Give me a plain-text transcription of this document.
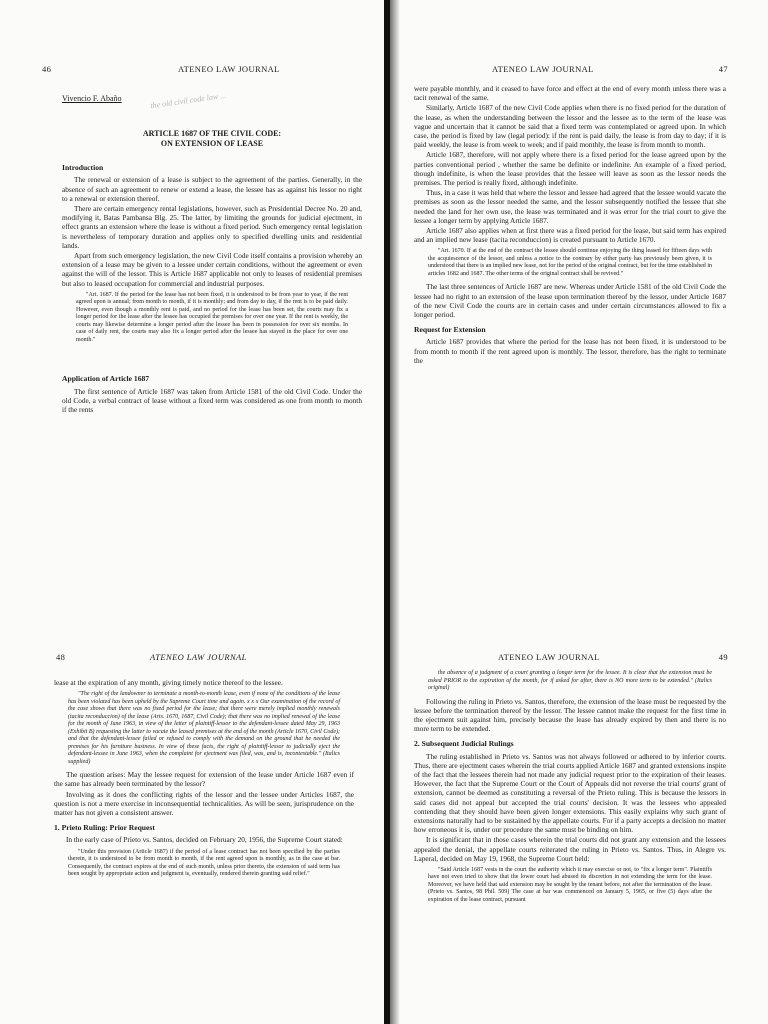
46	ATENEO LAW JOURNAL
Vivencio F. Abaño
ARTICLE 1687 OF THE CIVIL CODE:
ON EXTENSION OF LEASE
Introduction

The renewal or extension of a lease is subject to the agreement of the parties. Generally, in the absence of such an agreement to renew or extend a lease, the lessee has as against his lessor no right to a renewal or extension thereof.

There are certain emergency rental legislations, however, such as Presidential Decree No. 20 and, modifying it, Batas Pambansa Blg. 25. The latter, by limiting the grounds for judicial ejectment, in effect grants an extension where the lease is without a fixed period. Such emergency rental legislation is nevertheless of temporary duration and applies only to specified dwelling units and residential lands.

Apart from such emergency legislation, the new Civil Code itself contains a provision whereby an extension of a lease may be given to a lessee under certain conditions, without the agreement or even against the will of the lessor. This is Article 1687 applicable not only to leases of residential premises but also to leased occupation for commercial and industrial purposes.

"Art. 1687. If the period for the lease has not been fixed, it is understood to be from year to year, if the rent agreed upon is annual; from month to month, if it is monthly; and from day to day, if the rent is to be paid daily. However, even though a monthly rent is paid, and no period for the lease has been set, the courts may fix a longer period for the lease after the lessee has occupied the premises for over one year. If the rent is weekly, the courts may likewise determine a longer period after the lessee has been in possession for over six months. In case of daily rent, the courts may also fix a longer period after the lessee has stayed in the place for over one month."

Application of Article 1687

The first sentence of Article 1687 was taken from Article 1581 of the old Civil Code. Under the old Code, a verbal contract of lease without a fixed term was considered as one from month to month if the rents

the old civil code law ...
ATENEO LAW JOURNAL	47

were payable monthly, and it ceased to have force and effect at the end of every month unless there was a tacit renewal of the same.

Similarly, Article 1687 of the new Civil Code applies when there is no fixed period for the duration of the lease, as when the understanding between the lessor and the lessee as to the term of the lease was vague and uncertain that it cannot be said that a fixed term was contemplated or agreed upon. In which case, the period is fixed by law (legal period): if the rent is paid daily, the lease is from day to day; if it is paid weekly, the lease is from week to week; and if paid monthly, the lease is from month to month.

Article 1687, therefore, will not apply where there is a fixed period for the lease agreed upon by the parties conventional period , whether the same be definite or indefinite. An example of a fixed period, though indefinite, is when the lease provides that the lessee will leave as soon as the lessor needs the premises. The period is really fixed, although indefinite.

Thus, in a case it was held that where the lessor and lessee had agreed that the lessee would vacate the premises as soon as the lessor needed the same, and the lessor subsequently notified the lessee that she needed the land for her own use, the lease was terminated and it was error for the trial court to give the lessee a longer term by applying Article 1687.

Article 1687 also applies when at first there was a fixed period for the lease, but said term has expired and an implied new lease (tacita reconduccion) is created pursuant to Article 1670.

"Art. 1670. If at the end of the contract the lessee should continue enjoying the thing leased for fifteen days with the acquiescence of the lessor, and unless a notice to the contrary by either party has previously been given, it is understood that there is an implied new lease, not for the period of the original contract, but for the time established in articles 1682 and 1687. The other terms of the original contract shall be revived."

The last three sentences of Article 1687 are new. Whereas under Article 1581 of the old Civil Code the lessee had no right to an extension of the lease upon termination thereof by the lessor, under Article 1687 of the new Civil Code the courts are in certain cases and under certain circumstances allowed to fix a longer period.

Request for Extension

Article 1687 provides that where the period for the lease has not been fixed, it is understood to be from month to month if the rent agreed upon is monthly. The lessor, therefore, has the right to terminate the

48	ATENEO LAW JOURNAL

lease at the expiration of any month, giving timely notice thereof to the lessee.

"The right of the landowner to terminate a month-to-month lease, even if none of the conditions of the lease has been violated has been upheld by the Supreme Court time and again. x x x Our examination of the record of the case shows that there was no fixed period for the lease; that there were merely implied monthly renewals (tacita reconduccion) of the lease (Arts. 1670, 1687, Civil Code); that there was no implied renewal of the lease for the month of June 1963, in view of the letter of plaintiff-lessor to the defendant-lessee dated May 29, 1963 (Exhibit B) requesting the latter to vacate the leased premises at the end of the month (Article 1670, Civil Code); and that the defendant-lessee failed or refused to comply with the demand on the ground that he needed the premises for his furniture business. In view of these facts, the right of plaintiff-lessor to judicially eject the defendant-lessee in June 1963, when the complaint for ejectment was filed, was, and is, incontestable." (Italics supplied)

The question arises: May the lessee request for extension of the lease under Article 1687 even if the same has already been terminated by the lessor?

Involving as it does the conflicting rights of the lessor and the lessee under Articles 1687, the question is not a mere exercise in inconsequential technicalities. As will be seen, jurisprudence on the matter has not given a consistent answer.

1. Prieto Ruling: Prior Request

In the early case of Prieto vs. Santos, decided on February 20, 1956, the Supreme Court stated:

"Under this provision (Article 1687) if the period of a lease contract has not been specified by the parties therein, it is understood to be from month to month, if the rent agreed upon is monthly, as in the case at bar. Consequently, the contract expires at the end of such month, unless prior thereto, the extension of said term has been sought by appropriate action and judgment is, eventually, rendered therein granting said relief."

ATENEO LAW JOURNAL	49

the absence of a judgment of a court granting a longer term for the lessee. It is clear that the extension must be asked PRIOR to the expiration of the month, for if asked for after, there is NO more term to be extended." (Italics original)

Following the ruling in Prieto vs. Santos, therefore, the extension of the lease must be requested by the lessee before the termination thereof by the lessor. The lessee cannot make the request for the first time in the ejectment suit against him, precisely because the lease has already expired by then and there is no more term to be extended.

2. Subsequent Judicial Rulings

The ruling established in Prieto vs. Santos was not always followed or adhered to by inferior courts. Thus, there are ejectment cases wherein the trial courts applied Article 1687 and granted extensions inspite of the fact that the lessees therein had not made any judicial request prior to the expiration of their leases. However, the fact that the Supreme Court or the Court of Appeals did not reverse the trial courts' grant of extension, cannot be deemed as constituting a reversal of the Prieto ruling. This is because the lessors in said cases did not appeal but accepted the trial courts' decision. It was the lessees who appealed contending that they should have been given longer extensions. This easily explains why such grant of extensions naturally had to be sustained by the appellate courts. For if a party accepts a decision no matter how erroneous it is, under our procedure the same must be binding on him.

It is significant that in those cases wherein the trial courts did not grant any extension and the lessees appealed the denial, the appellate courts reiterated the ruling in Prieto vs. Santos. Thus, in Alegre vs. Laperal, decided on May 19, 1968, the Supreme Court held:

"Said Article 1687 vests in the court the authority which it may exercise or not, to "fix a longer term". Plaintiffs have not even tried to show that the lower court had abused its discretion in not extending the term for the lease. Moreover, we have held that said extension may be sought by the tenant before, not after the termination of the lease. (Prieto vs. Santos, 98 Phil. 509) The case at bar was commenced on January 5, 1965, or five (5) days after the expiration of the lease contract, pursuant
